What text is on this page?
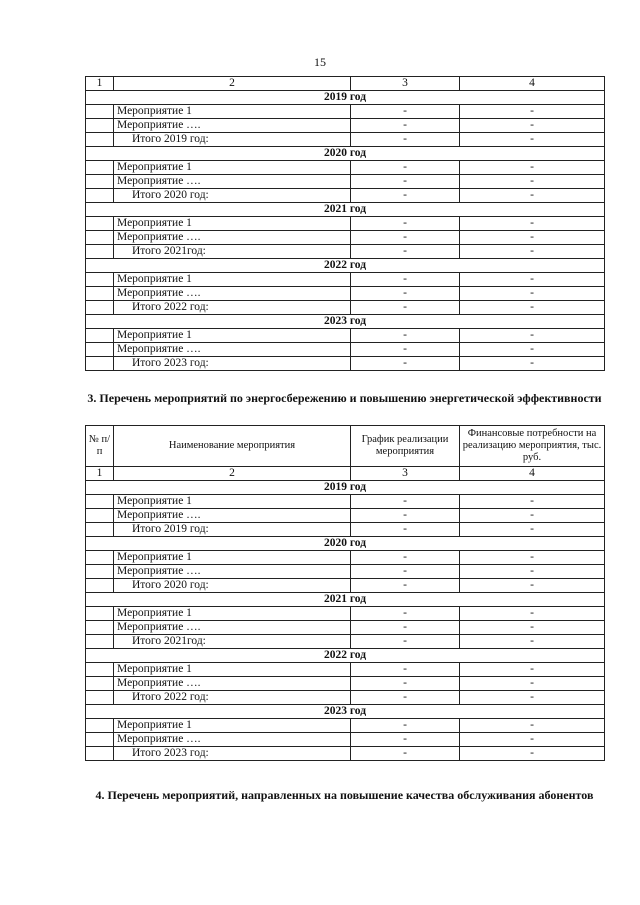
15
1	2	3	4
2019 год			
	Мероприятие 1	-	-
	Мероприятие ….	-	-
	Итого 2019 год:	-	-
2020 год			
	Мероприятие 1	-	-
	Мероприятие ….	-	-
	Итого 2020 год:	-	-
2021 год			
	Мероприятие 1	-	-
	Мероприятие ….	-	-
	Итого 2021год:	-	-
2022 год			
	Мероприятие 1	-	-
	Мероприятие ….	-	-
	Итого 2022 год:	-	-
2023 год			
	Мероприятие 1	-	-
	Мероприятие ….	-	-
	Итого 2023 год:	-	-
3. Перечень мероприятий по энергосбережению и повышению энергетической эффективности
№ п/п	Наименование мероприятия	График реализации мероприятия	Финансовые потребности на реализацию мероприятия, тыс. руб.
1	2	3	4
2019 год			
	Мероприятие 1	-	-
	Мероприятие ….	-	-
	Итого 2019 год:	-	-
2020 год			
	Мероприятие 1	-	-
	Мероприятие ….	-	-
	Итого 2020 год:	-	-
2021 год			
	Мероприятие 1	-	-
	Мероприятие ….	-	-
	Итого 2021год:	-	-
2022 год			
	Мероприятие 1	-	-
	Мероприятие ….	-	-
	Итого 2022 год:	-	-
2023 год			
	Мероприятие 1	-	-
	Мероприятие ….	-	-
	Итого 2023 год:	-	-
4. Перечень мероприятий, направленных на повышение качества обслуживания абонентов
